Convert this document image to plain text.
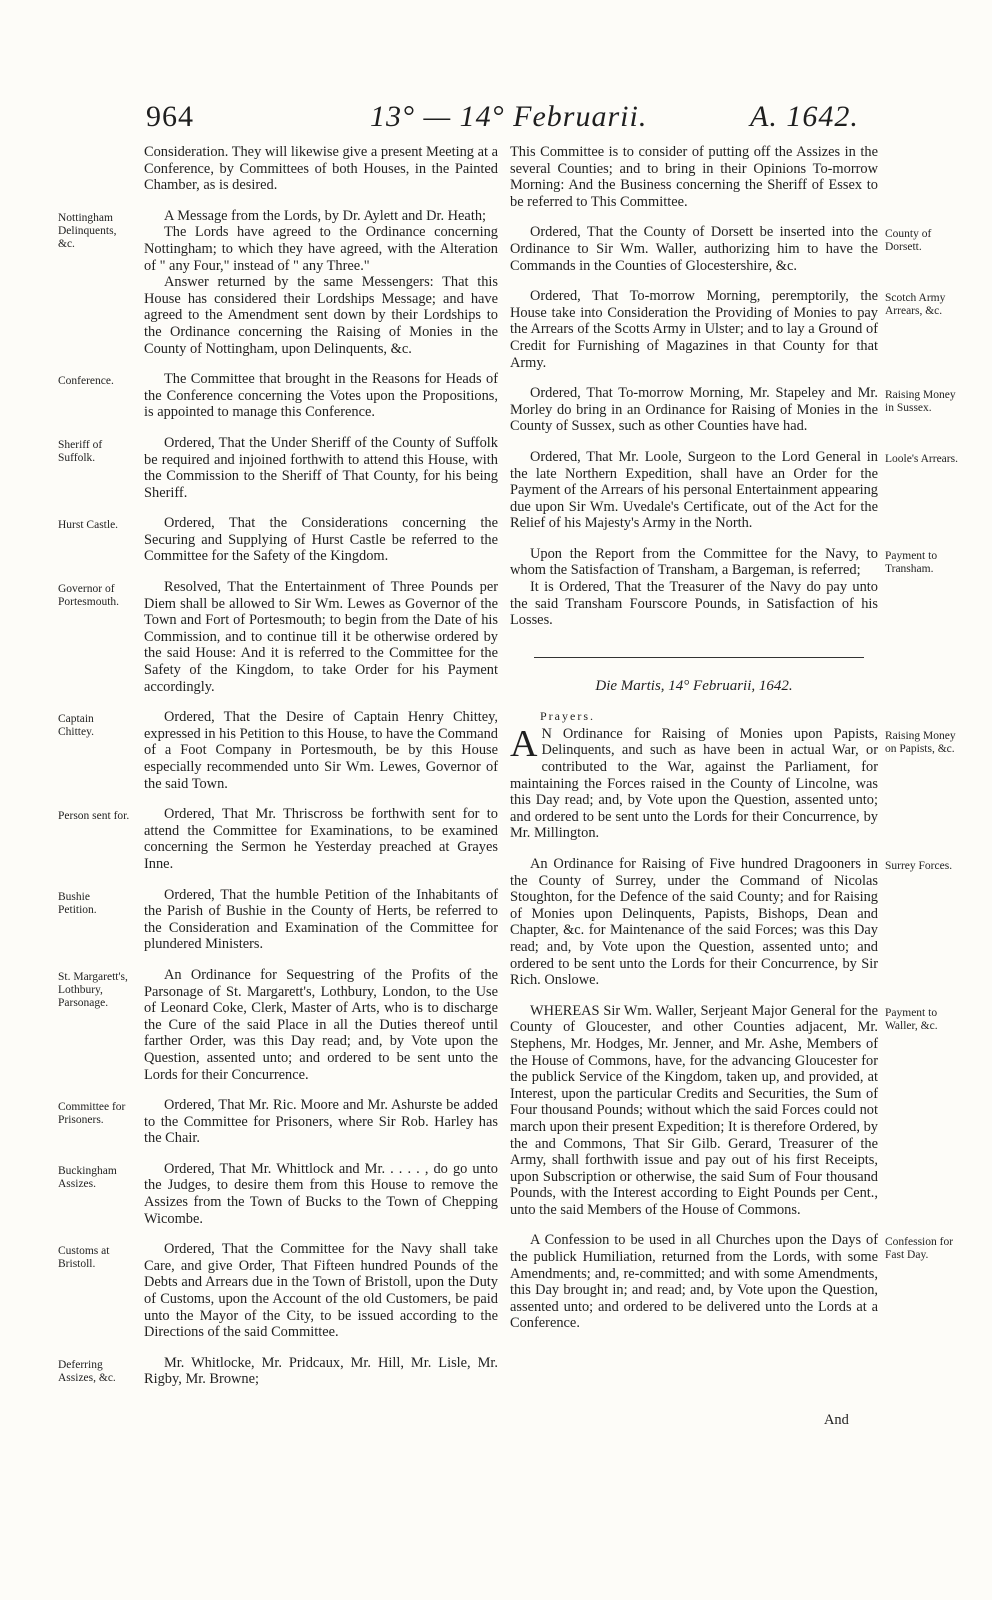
964	13° — 14° Februarii.	A. 1642.

Consideration. They will likewise give a present Meeting at a Conference, by Committees of both Houses, in the Painted Chamber, as is desired.

Nottingham Delinquents, &c.

A Message from the Lords, by Dr. Aylett and Dr. Heath;

The Lords have agreed to the Ordinance concerning Nottingham; to which they have agreed, with the Alteration of " any Four," instead of " any Three."

Answer returned by the same Messengers: That this House has considered their Lordships Message; and have agreed to the Amendment sent down by their Lordships to the Ordinance concerning the Raising of Monies in the County of Nottingham, upon Delinquents, &c.

Conference.	The Committee that brought in the Reasons for Heads of the Conference concerning the Votes upon the Propositions, is appointed to manage this Conference.

Sheriff of Suffolk.

Ordered, That the Under Sheriff of the County of Suffolk be required and injoined forthwith to attend this House, with the Commission to the Sheriff of That County, for his being Sheriff.

Hurst Castle.	Ordered, That the Considerations concerning the Securing and Supplying of Hurst Castle be referred to the Committee for the Safety of the Kingdom.

Governor of Portesmouth.

Resolved, That the Entertainment of Three Pounds per Diem shall be allowed to Sir Wm. Lewes as Governor of the Town and Fort of Portesmouth; to begin from the Date of his Commission, and to continue till it be otherwise ordered by the said House: And it is referred to the Committee for the Safety of the Kingdom, to take Order for his Payment accordingly.

Captain Chittey.

Ordered, That the Desire of Captain Henry Chittey, expressed in his Petition to this House, to have the Command of a Foot Company in Portesmouth, be by this House especially recommended unto Sir Wm. Lewes, Governor of the said Town.

Person sent for.	Ordered, That Mr. Thriscross be forthwith sent for to attend the Committee for Examinations, to be examined concerning the Sermon he Yesterday preached at Grayes Inne.

Bushie Petition.

Ordered, That the humble Petition of the Inhabitants of the Parish of Bushie in the County of Herts, be referred to the Consideration and Examination of the Committee for plundered Ministers.

St. Margarett's, Lothbury, Parsonage.

An Ordinance for Sequestring of the Profits of the Parsonage of St. Margarett's, Lothbury, London, to the Use of Leonard Coke, Clerk, Master of Arts, who is to discharge the Cure of the said Place in all the Duties thereof until farther Order, was this Day read; and, by Vote upon the Question, assented unto; and ordered to be sent unto the Lords for their Concurrence.

Committee for Prisoners.

Ordered, That Mr. Ric. Moore and Mr. Ashurste be added to the Committee for Prisoners, where Sir Rob. Harley has the Chair.

Buckingham Assizes.

Ordered, That Mr. Whittlock and Mr. . . . . , do go unto the Judges, to desire them from this House to remove the Assizes from the Town of Bucks to the Town of Chepping Wicombe.

Customs at Bristoll.

Ordered, That the Committee for the Navy shall take Care, and give Order, That Fifteen hundred Pounds of the Debts and Arrears due in the Town of Bristoll, upon the Duty of Customs, upon the Account of the old Customers, be paid unto the Mayor of the City, to be issued according to the Directions of the said Committee.

Deferring Assizes, &c.

Mr. Whitlocke, Mr. Pridcaux, Mr. Hill, Mr. Lisle, Mr. Rigby, Mr. Browne;

This Committee is to consider of putting off the Assizes in the several Counties; and to bring in their Opinions To-morrow Morning: And the Business concerning the Sheriff of Essex to be referred to This Committee.

County of Dorsett.

Ordered, That the County of Dorsett be inserted into the Ordinance to Sir Wm. Waller, authorizing him to have the Commands in the Counties of Glocestershire, &c.

Scotch Army Arrears, &c.

Ordered, That To-morrow Morning, peremptorily, the House take into Consideration the Providing of Monies to pay the Arrears of the Scotts Army in Ulster; and to lay a Ground of Credit for Furnishing of Magazines in that County for that Army.

Raising Money in Sussex.

Ordered, That To-morrow Morning, Mr. Stapeley and Mr. Morley do bring in an Ordinance for Raising of Monies in the County of Sussex, such as other Counties have had.

Loole's Arrears.

Ordered, That Mr. Loole, Surgeon to the Lord General in the late Northern Expedition, shall have an Order for the Payment of the Arrears of his personal Entertainment appearing due upon Sir Wm. Uvedale's Certificate, out of the Act for the Relief of his Majesty's Army in the North.

Payment to Transham.

Upon the Report from the Committee for the Navy, to whom the Satisfaction of Transham, a Bargeman, is referred;

It is Ordered, That the Treasurer of the Navy do pay unto the said Transham Fourscore Pounds, in Satisfaction of his Losses.

Die Martis, 14° Februarii, 1642.
Prayers.
Raising Money on Papists, &c.
A N Ordinance for Raising of Monies upon Papists, Delinquents, and such as have been in actual War, or contributed to the War, against the Parliament, for maintaining the Forces raised in the County of Lincolne, was this Day read; and, by Vote upon the Question, assented unto; and ordered to be sent unto the Lords for their Concurrence, by Mr. Millington.

Surrey Forces.

An Ordinance for Raising of Five hundred Dragooners in the County of Surrey, under the Command of Nicolas Stoughton, for the Defence of the said County; and for Raising of Monies upon Delinquents, Papists, Bishops, Dean and Chapter, &c. for Maintenance of the said Forces; was this Day read; and, by Vote upon the Question, assented unto; and ordered to be sent unto the Lords for their Concurrence, by Sir Rich. Onslowe.

Payment to Waller, &c.

WHEREAS Sir Wm. Waller, Serjeant Major General for the County of Gloucester, and other Counties adjacent, Mr. Stephens, Mr. Hodges, Mr. Jenner, and Mr. Ashe, Members of the House of Commons, have, for the advancing Gloucester for the publick Service of the Kingdom, taken up, and provided, at Interest, upon the particular Credits and Securities, the Sum of Four thousand Pounds; without which the said Forces could not march upon their present Expedition; It is therefore Ordered, by the and Commons, That Sir Gilb. Gerard, Treasurer of the Army, shall forthwith issue and pay out of his first Receipts, upon Subscription or otherwise, the said Sum of Four thousand Pounds, with the Interest according to Eight Pounds per Cent., unto the said Members of the House of Commons.

Confession for Fast Day.

A Confession to be used in all Churches upon the Days of the publick Humiliation, returned from the Lords, with some Amendments; and, re-committed; and with some Amendments, this Day brought in; and read; and, by Vote upon the Question, assented unto; and ordered to be delivered unto the Lords at a Conference.

And
